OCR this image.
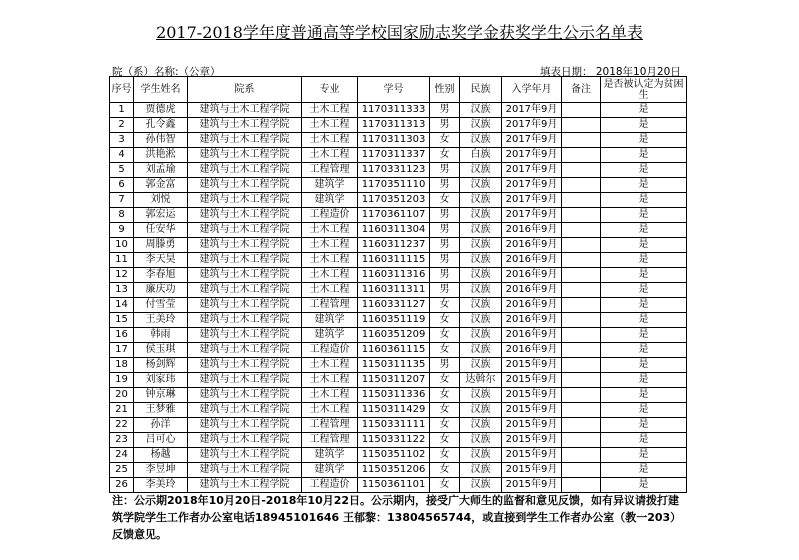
2017-2018学年度普通高等学校国家励志奖学金获奖学生公示名单表
院（系）名称:（公章）	填表日期： 2018年10月20日
序号	学生姓名	院系	专业	学号	性别	民族	入学年月	备注	是否被认定为贫困生
1	贾德虎	建筑与土木工程学院	土木工程	1170311333	男	汉族	2017年9月		是
2	孔令鑫	建筑与土木工程学院	土木工程	1170311313	男	汉族	2017年9月		是
3	孙伟智	建筑与土木工程学院	土木工程	1170311303	女	汉族	2017年9月		是
4	洪艳淞	建筑与土木工程学院	土木工程	1170311337	女	白族	2017年9月		是
5	刘孟瑜	建筑与土木工程学院	工程管理	1170331123	男	汉族	2017年9月		是
6	郭金富	建筑与土木工程学院	建筑学	1170351110	男	汉族	2017年9月		是
7	刘悦	建筑与土木工程学院	建筑学	1170351203	女	汉族	2017年9月		是
8	郭宏运	建筑与土木工程学院	工程造价	1170361107	男	汉族	2017年9月		是
9	任安华	建筑与土木工程学院	土木工程	1160311304	男	汉族	2016年9月		是
10	周滕勇	建筑与土木工程学院	土木工程	1160311237	男	汉族	2016年9月		是
11	李天昊	建筑与土木工程学院	土木工程	1160311115	男	汉族	2016年9月		是
12	李春旭	建筑与土木工程学院	土木工程	1160311316	男	汉族	2016年9月		是
13	廉庆功	建筑与土木工程学院	土木工程	1160311311	男	汉族	2016年9月		是
14	付雪莹	建筑与土木工程学院	工程管理	1160331127	女	汉族	2016年9月		是
15	王美玲	建筑与土木工程学院	建筑学	1160351119	女	汉族	2016年9月		是
16	韩雨	建筑与土木工程学院	建筑学	1160351209	女	汉族	2016年9月		是
17	侯玉琪	建筑与土木工程学院	工程造价	1160361115	女	汉族	2016年9月		是
18	杨剑辉	建筑与土木工程学院	土木工程	1150311135	男	汉族	2015年9月		是
19	刘家玮	建筑与土木工程学院	土木工程	1150311207	女	达斡尔	2015年9月		是
20	钟京琳	建筑与土木工程学院	土木工程	1150311336	女	汉族	2015年9月		是
21	王梦雅	建筑与土木工程学院	土木工程	1150311429	女	汉族	2015年9月		是
22	孙洋	建筑与土木工程学院	工程管理	1150331111	女	汉族	2015年9月		是
23	吕可心	建筑与土木工程学院	工程管理	1150331122	女	汉族	2015年9月		是
24	杨越	建筑与土木工程学院	建筑学	1150351102	女	汉族	2015年9月		是
25	李昱坤	建筑与土木工程学院	建筑学	1150351206	女	汉族	2015年9月		是
26	李美玲	建筑与土木工程学院	工程造价	1150361101	女	汉族	2015年9月		是
注：公示期2018年10月20日-2018年10月22日。公示期内，接受广大师生的监督和意见反馈，如有异议请拨打建筑学院学生工作者办公室电话18945101646 王郁黎：13804565744，或直接到学生工作者办公室（教一203）反馈意见。
